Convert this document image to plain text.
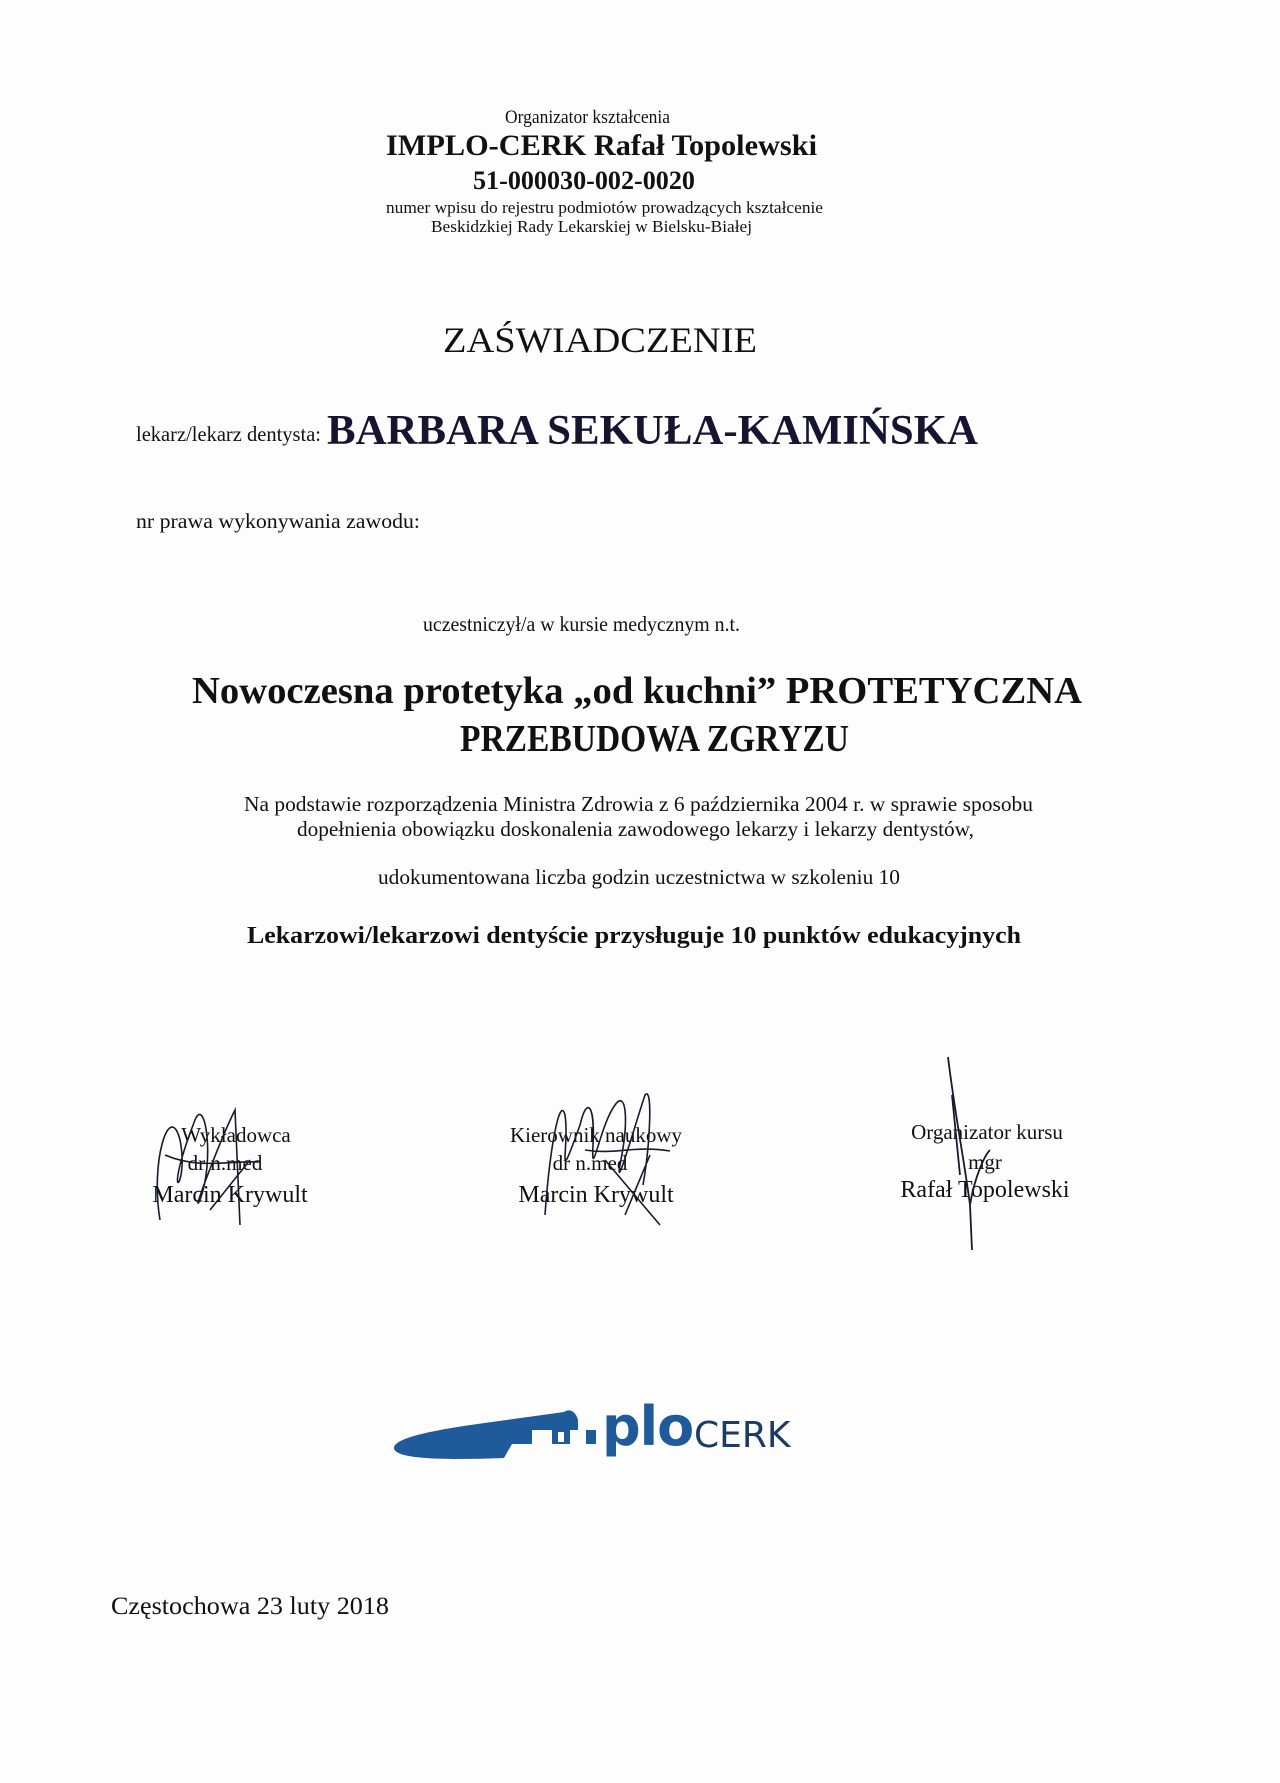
Organizator kształcenia
IMPLO-CERK Rafał Topolewski
51-000030-002-0020
numer wpisu do rejestru podmiotów prowadzących kształcenie
Beskidzkiej Rady Lekarskiej w Bielsku-Białej
ZAŚWIADCZENIE
lekarz/lekarz dentysta: BARBARA SEKUŁA-KAMIŃSKA
nr prawa wykonywania zawodu:
uczestniczył/a w kursie medycznym n.t.
Nowoczesna protetyka „od kuchni” PROTETYCZNA
PRZEBUDOWA ZGRYZU
Na podstawie rozporządzenia Ministra Zdrowia z 6 października 2004 r. w sprawie sposobu
dopełnienia obowiązku doskonalenia zawodowego lekarzy i lekarzy dentystów,
udokumentowana liczba godzin uczestnictwa w szkoleniu 10
Lekarzowi/lekarzowi dentyście przysługuje 10 punktów edukacyjnych
Wykładowca
dr n.med
Marcin Krywult
Kierownik naukowy
dr n.med
Marcin Krywult
Organizator kursu
mgr
Rafał Topolewski
plo CERK
Częstochowa 23 luty 2018
